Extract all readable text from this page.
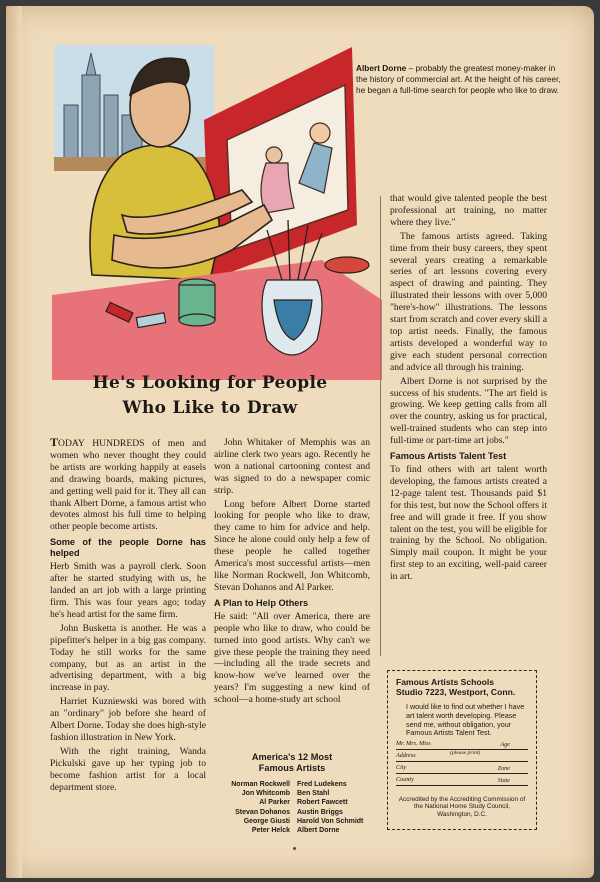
Albert Dorne – probably the greatest money-maker in the history of commercial art. At the height of his career, he began a full-time search for people who like to draw.
He's Looking for People
Who Like to Draw

TODAY HUNDREDS of men and women who never thought they could be artists are working happily at easels and drawing boards, making pictures, and getting well paid for it. They all can thank Albert Dorne, a famous artist who devotes almost his full time to helping other people become artists.

Some of the people Dorne has helped

Herb Smith was a payroll clerk. Soon after he started studying with us, he landed an art job with a large printing firm. This was four years ago; today he's head artist for the same firm.

John Busketta is another. He was a pipefitter's helper in a big gas company. Today he still works for the same company, but as an artist in the advertising department, with a big increase in pay.

Harriet Kuzniewski was bored with an "ordinary" job before she heard of Albert Dorne. Today she does high-style fashion illustration in New York.

With the right training, Wanda Pickulski gave up her typing job to become fashion artist for a local department store.

John Whitaker of Memphis was an airline clerk two years ago. Recently he won a national cartooning contest and was signed to do a newspaper comic strip.

Long before Albert Dorne started looking for people who like to draw, they came to him for advice and help. Since he alone could only help a few of these people he called together America's most successful artists—men like Norman Rockwell, Jon Whitcomb, Stevan Dohanos and Al Parker.

A Plan to Help Others

He said: "All over America, there are people who like to draw, who could be turned into good artists. Why can't we give these people the training they need—including all the trade secrets and know-how we've learned over the years? I'm suggesting a new kind of school—a home-study art school

that would give talented people the best professional art training, no matter where they live."

The famous artists agreed. Taking time from their busy careers, they spent several years creating a remarkable series of art lessons covering every aspect of drawing and painting. They illustrated their lessons with over 5,000 "here's-how" illustrations. The lessons start from scratch and cover every skill a top artist needs. Finally, the famous artists developed a wonderful way to give each student personal correction and advice all through his training.

Albert Dorne is not surprised by the success of his students. "The art field is growing. We keep getting calls from all over the country, asking us for practical, well-trained students who can step into full-time or part-time art jobs."

Famous Artists Talent Test

To find others with art talent worth developing, the famous artists created a 12-page talent test. Thousands paid $1 for this test, but now the School offers it free and will grade it free. If you show talent on the test, you will be eligible for training by the School. No obligation. Simply mail coupon. It might be your first step to an exciting, well-paid career in art.

America's 12 Most
Famous Artists
Norman Rockwell	Fred Ludekens
Jon Whitcomb	Ben Stahl
Al Parker	Robert Fawcett
Stevan Dohanos	Austin Briggs
George Giusti	Harold Von Schmidt
Peter Helck	Albert Dorne
Famous Artists Schools
Studio 7223, Westport, Conn.
I would like to find out whether I have art talent worth developing. Please send me, without obligation, your Famous Artists Talent Test.
Mr. Mrs. Miss	Age
(please print)
Address
City	Zone
County	State
Accredited by the Accrediting Commission of the National Home Study Council, Washington, D.C.
